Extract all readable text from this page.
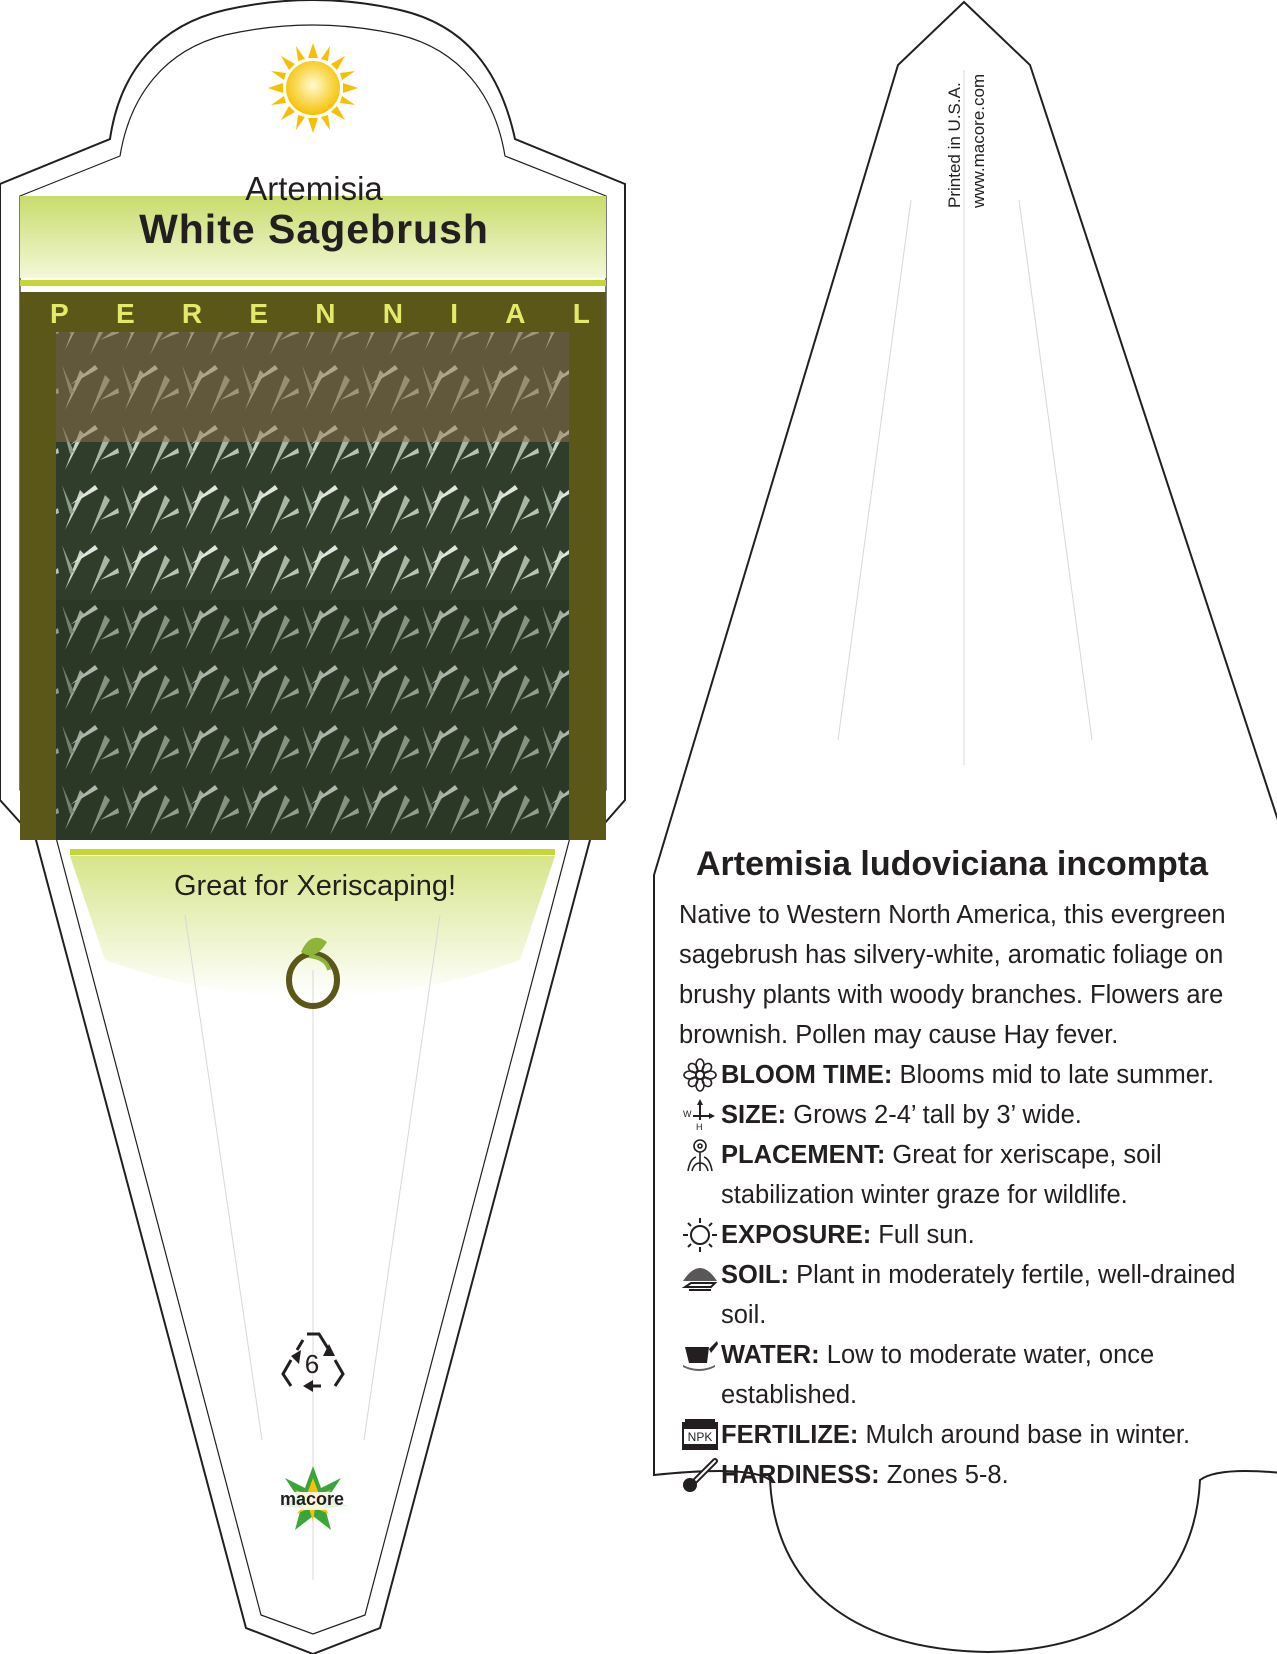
Artemisia
White Sagebrush
P E R E N N I A L
Great for Xeriscaping!
6
macore
Printed in U.S.A. www.macore.com
Artemisia ludoviciana incompta

Native to Western North America, this evergreen sagebrush has silvery-white, aromatic foliage on brushy plants with woody branches. Flowers are brownish. Pollen may cause Hay fever.

BLOOM TIME: Blooms mid to late summer.
W
H SIZE: Grows 2-4’ tall by 3’ wide.
PLACEMENT: Great for xeriscape, soil stabilization winter graze for wildlife.
EXPOSURE: Full sun.
SOIL: Plant in moderately fertile, well-drained soil.
WATER: Low to moderate water, once established.
NPK FERTILIZE: Mulch around base in winter.
HARDINESS: Zones 5-8.
